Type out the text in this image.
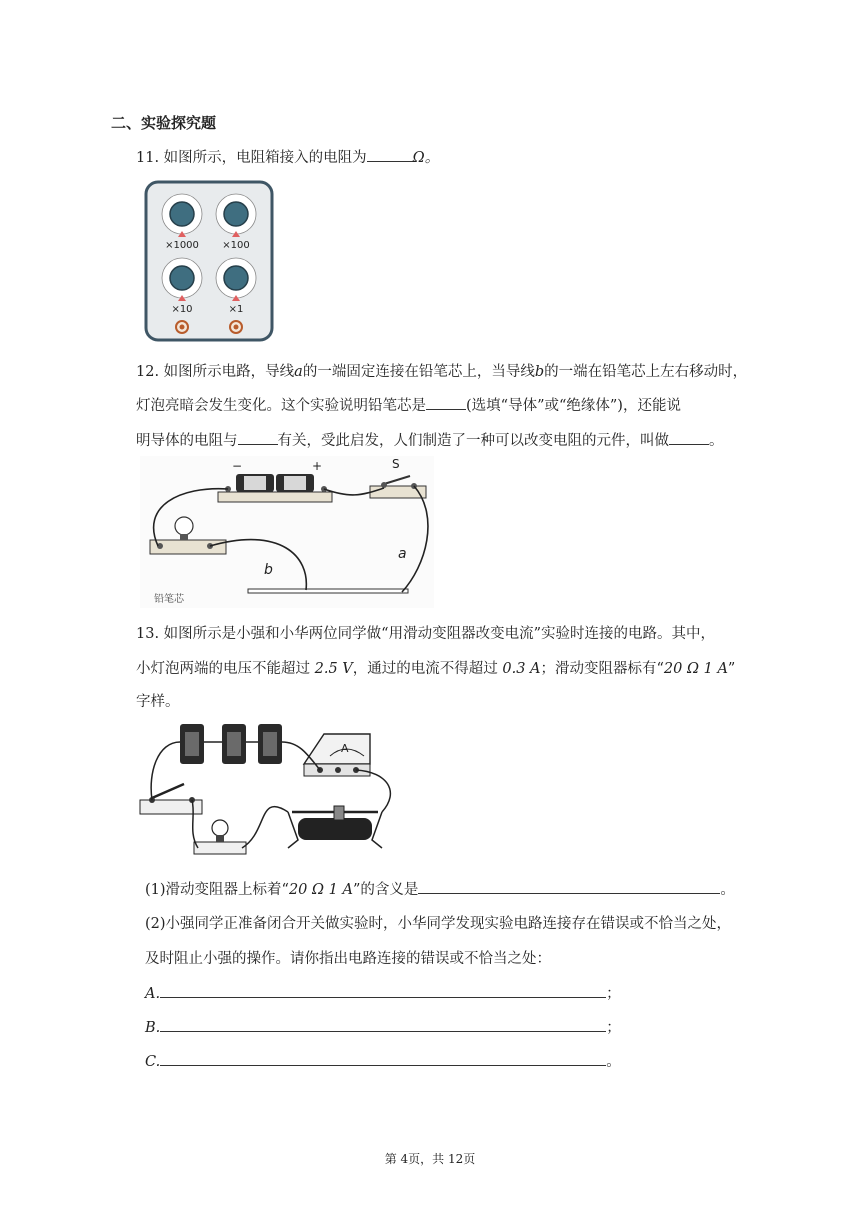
二、实验探究题
11. 如图所示，电阻箱接入的电阻为	Ω。
×1000 ×100
×10	×1
12. 如图所示电路，导线a的一端固定连接在铅笔芯上，当导线b的一端在铅笔芯上左右移动时，
灯泡亮暗会发生变化。这个实验说明铅笔芯是	(选填“导体”或“绝缘体”)，还能说
明导体的电阻与	有关，受此启发，人们制造了一种可以改变电阻的元件，叫做	。
−	+	S
铅笔芯
a
b
13. 如图所示是小强和小华两位同学做“用滑动变阻器改变电流”实验时连接的电路。其中，
小灯泡两端的电压不能超过 2.5 V，通过的电流不得超过 0.3 A；滑动变阻器标有“20 Ω 1 A”
字样。
A
(1)滑动变阻器上标着“20 Ω 1 A”的含义是	。
(2)小强同学正准备闭合开关做实验时，小华同学发现实验电路连接存在错误或不恰当之处，
及时阻止小强的操作。请你指出电路连接的错误或不恰当之处：
A.	；
B.	；
C.	。
第 4页，共 12页
